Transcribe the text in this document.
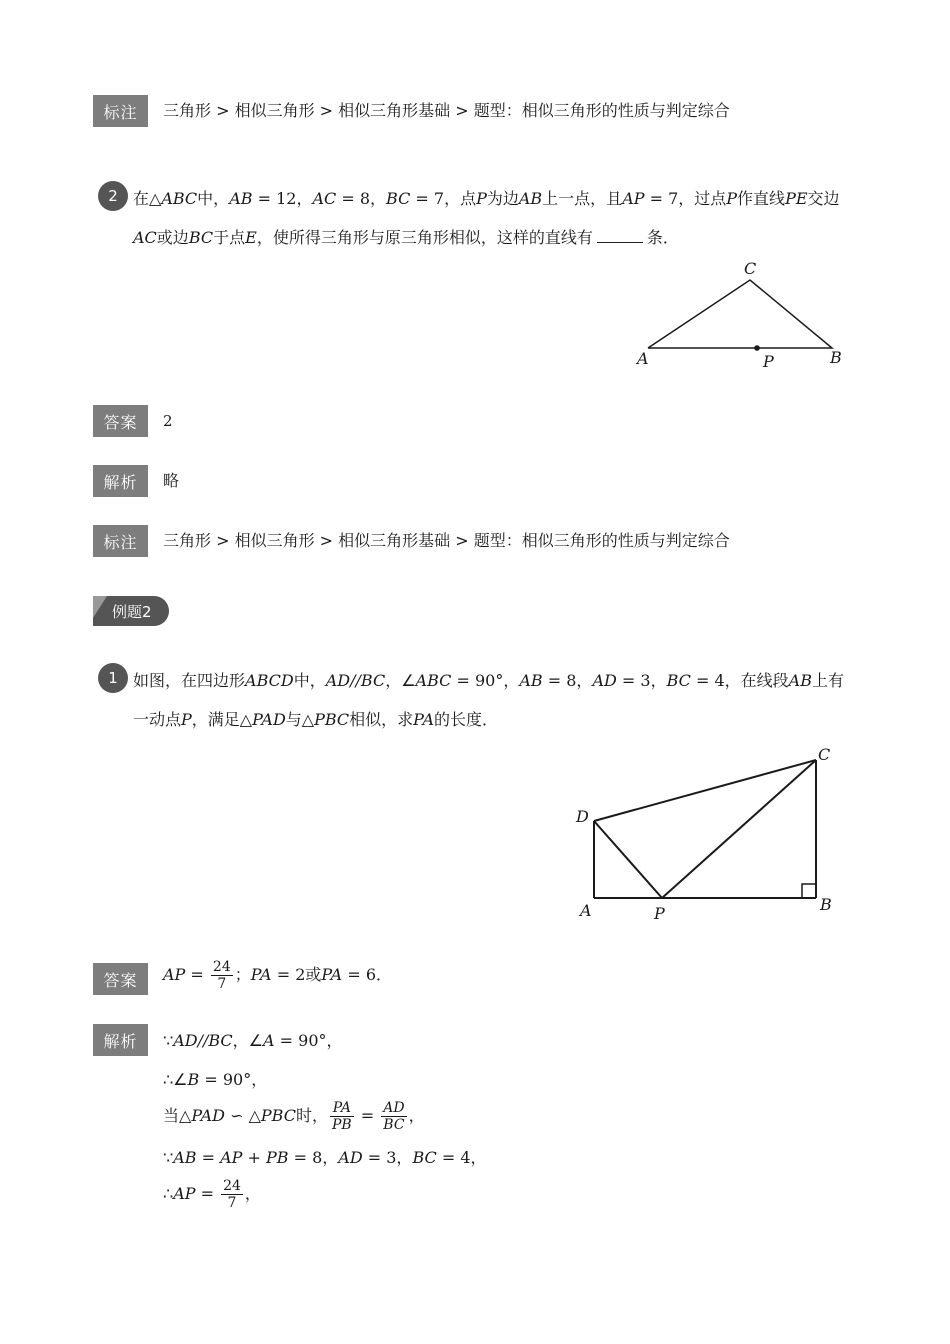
标注	三角形 > 相似三角形 > 相似三角形基础 > 题型：相似三角形的性质与判定综合
2 在△ABC中，AB = 12，AC = 8，BC = 7，点P为边AB上一点，且AP = 7，过点P作直线PE交边
AC或边BC于点E，使所得三角形与原三角形相似，这样的直线有	条．
C
A	B
P
答案	2
解析	略
标注	三角形 > 相似三角形 > 相似三角形基础 > 题型：相似三角形的性质与判定综合
例题2
1 如图，在四边形ABCD中，AD//BC，∠ABC = 90°，AB = 8，AD = 3，BC = 4，在线段AB上有
一动点P，满足△PAD与△PBC相似，求PA的长度．
D
C
A	P	B
答案	AP = $\frac{24}{7}$ ；PA = 2或PA = 6．
解析	∵AD//BC，∠A = 90°，
∴∠B = 90°，
当△PAD ∽ △PBC时， $\frac{PA}{PB} = \frac{AD}{BC}$ ，
∵AB = AP + PB = 8，AD = 3，BC = 4，
∴AP = $\frac{24}{7}$ ，
